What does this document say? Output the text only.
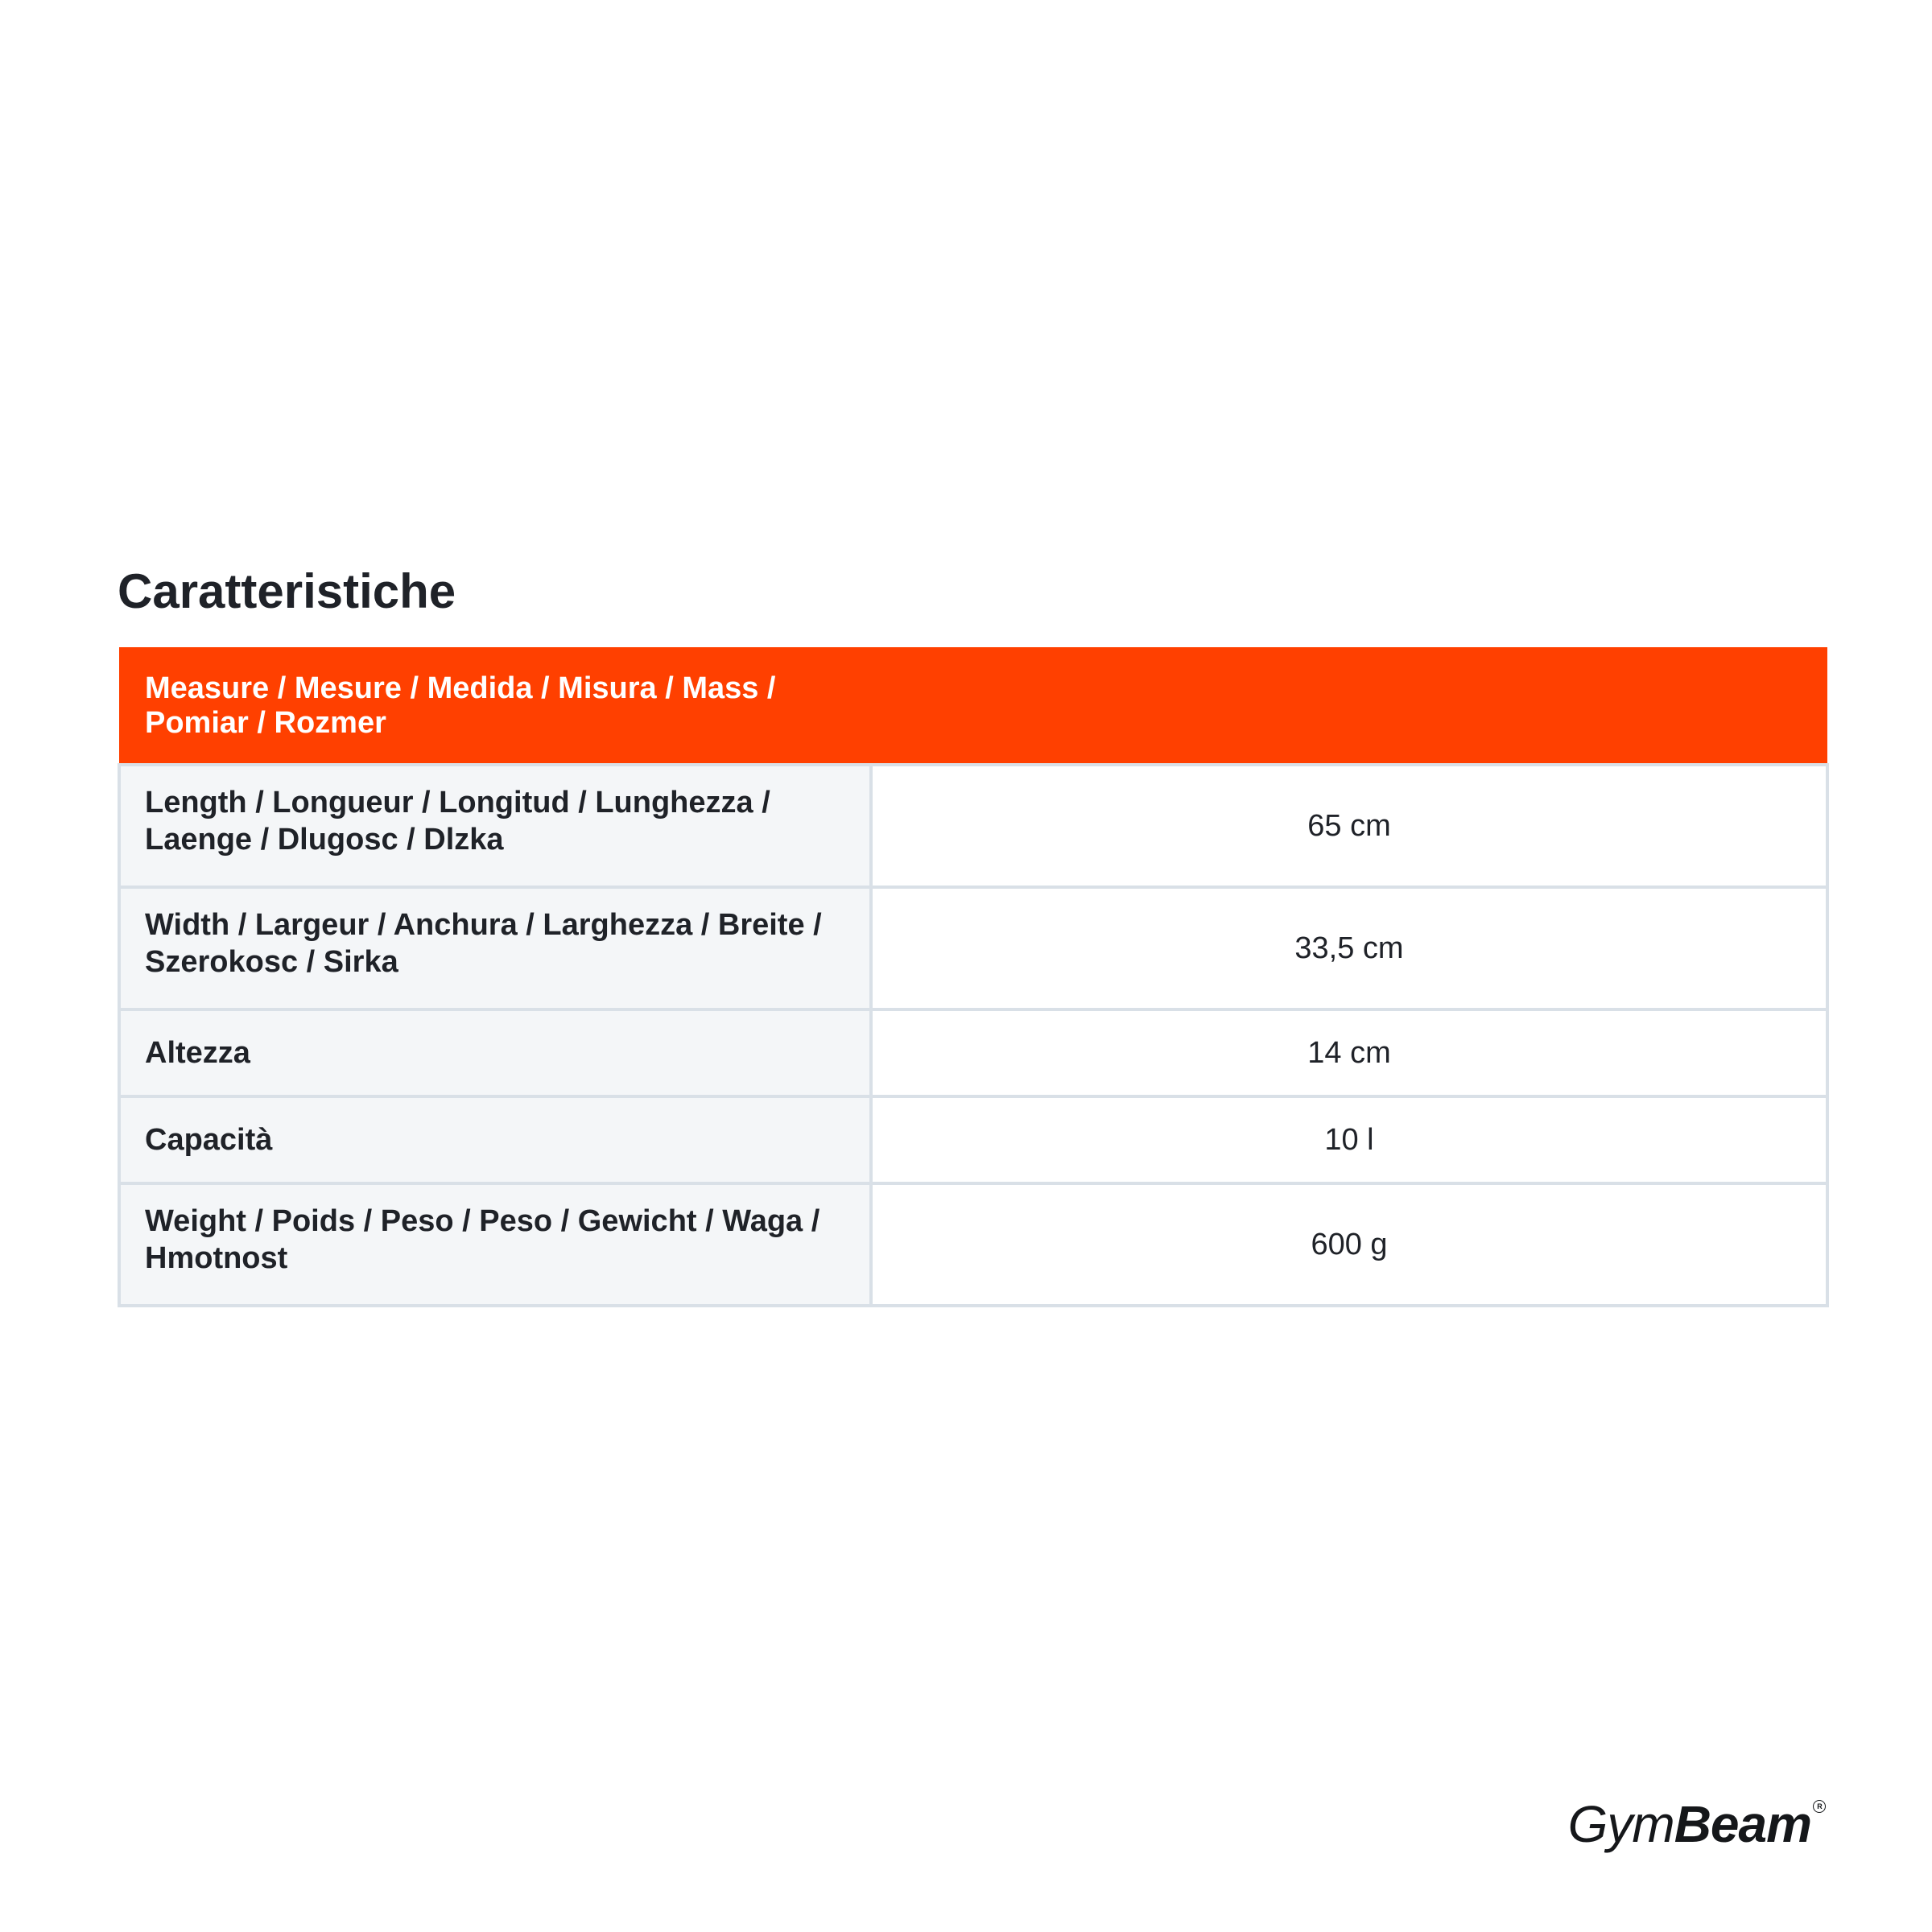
Caratteristiche
Measure / Mesure / Medida / Misura / Mass / Pomiar / Rozmer	

Length / Longueur / Longitud / Lunghezza / Laenge / Dlugosc / Dlzka	65 cm
Width / Largeur / Anchura / Larghezza / Breite / Szerokosc / Sirka	33,5 cm
Altezza	14 cm
Capacità	10 l
Weight / Poids / Peso / Peso / Gewicht / Waga / Hmotnost	600 g
Gym Beam R
